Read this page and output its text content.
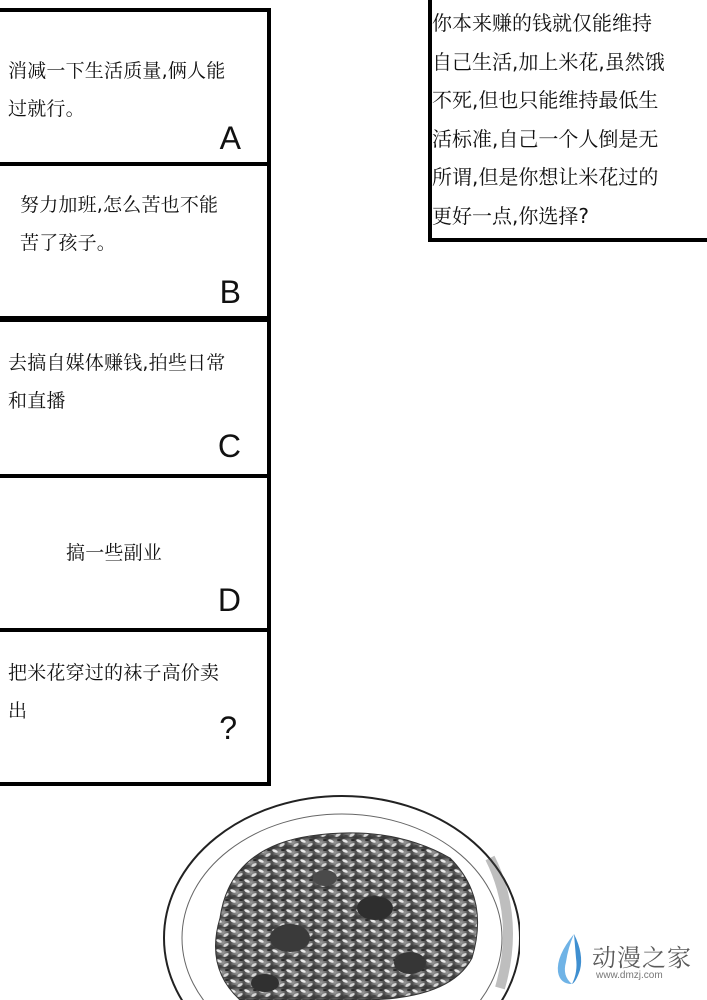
消减一下生活质量,俩人能
过就行。
A
努力加班,怎么苦也不能
苦了孩子。
B
去搞自媒体赚钱,拍些日常
和直播
C
搞一些副业
D
把米花穿过的袜子高价卖
出	?
你本来赚的钱就仅能维持
自己生活,加上米花,虽然饿
不死,但也只能维持最低生
活标准,自己一个人倒是无
所谓,但是你想让米花过的
更好一点,你选择?
动漫之家
www.dmzj.com
